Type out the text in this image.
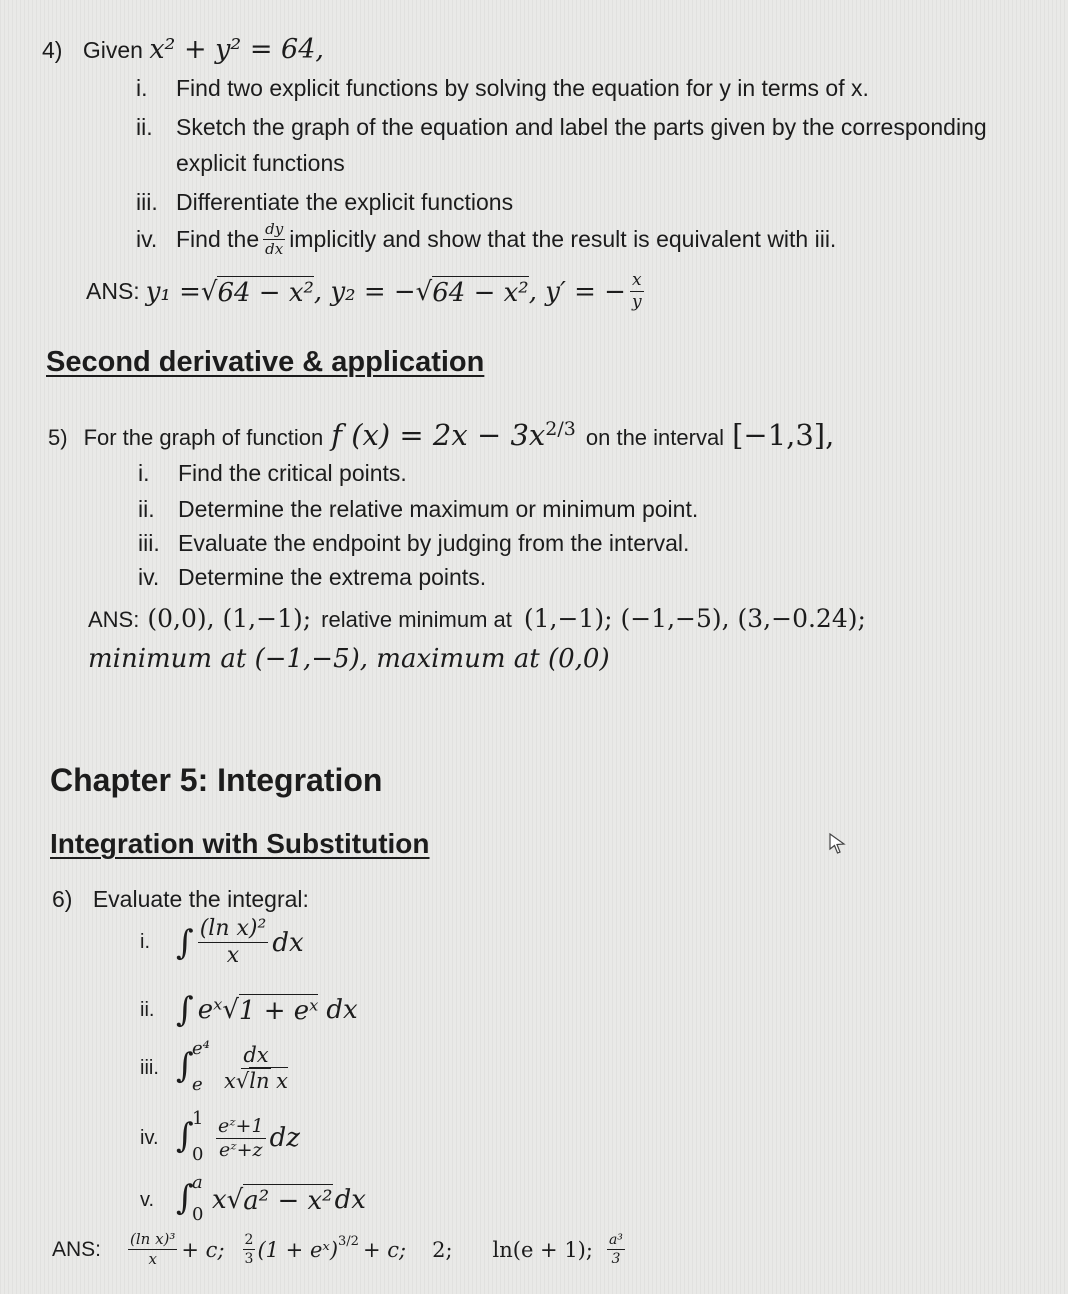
4) Given x² + y² = 64,
i. Find two explicit functions by solving the equation for y in terms of x.
ii. Sketch the graph of the equation and label the parts given by the corresponding
explicit functions
iii. Differentiate the explicit functions
iv. Find the $\frac{dy}{dx}$ implicitly and show that the result is equivalent with iii.
ANS: y₁ = √ 64 − x² , y₂ = − √ 64 − x² , y′ = − $\frac{x}{y}$
Second derivative & application
5) For the graph of function f $(x) = 2x - 3x^{2/3}$ on the interval [−1,3],
i. Find the critical points.
ii. Determine the relative maximum or minimum point.
iii. Evaluate the endpoint by judging from the interval.
iv. Determine the extrema points.
ANS: (0,0), (1,−1); relative minimum at (1,−1); (−1,−5), (3,−0.24);
minimum at (−1,−5), maximum at (0,0)
Chapter 5: Integration
Integration with Substitution
6) Evaluate the integral:
i. ∫ $\frac{\text{(ln x)²}}{x}$ dx
ii. ∫ eˣ √ 1 + eˣ dx
iii. ∫
e⁴
e $\frac{dx}{\text{x√ln x}}$
iv. ∫
1
$0 \frac{\text{eᶻ+1}}{\text{eᶻ+z}}$ dz
v. ∫
a
0 x √ a² − x² dx
ANS:	$\frac{\text{(ln x)³}}{x} + c$; $\frac{2}{3} (1$ + eˣ)$^{3/2}$ + c; 2; ln(e + 1); $\frac{\text{a³}}{3}$
